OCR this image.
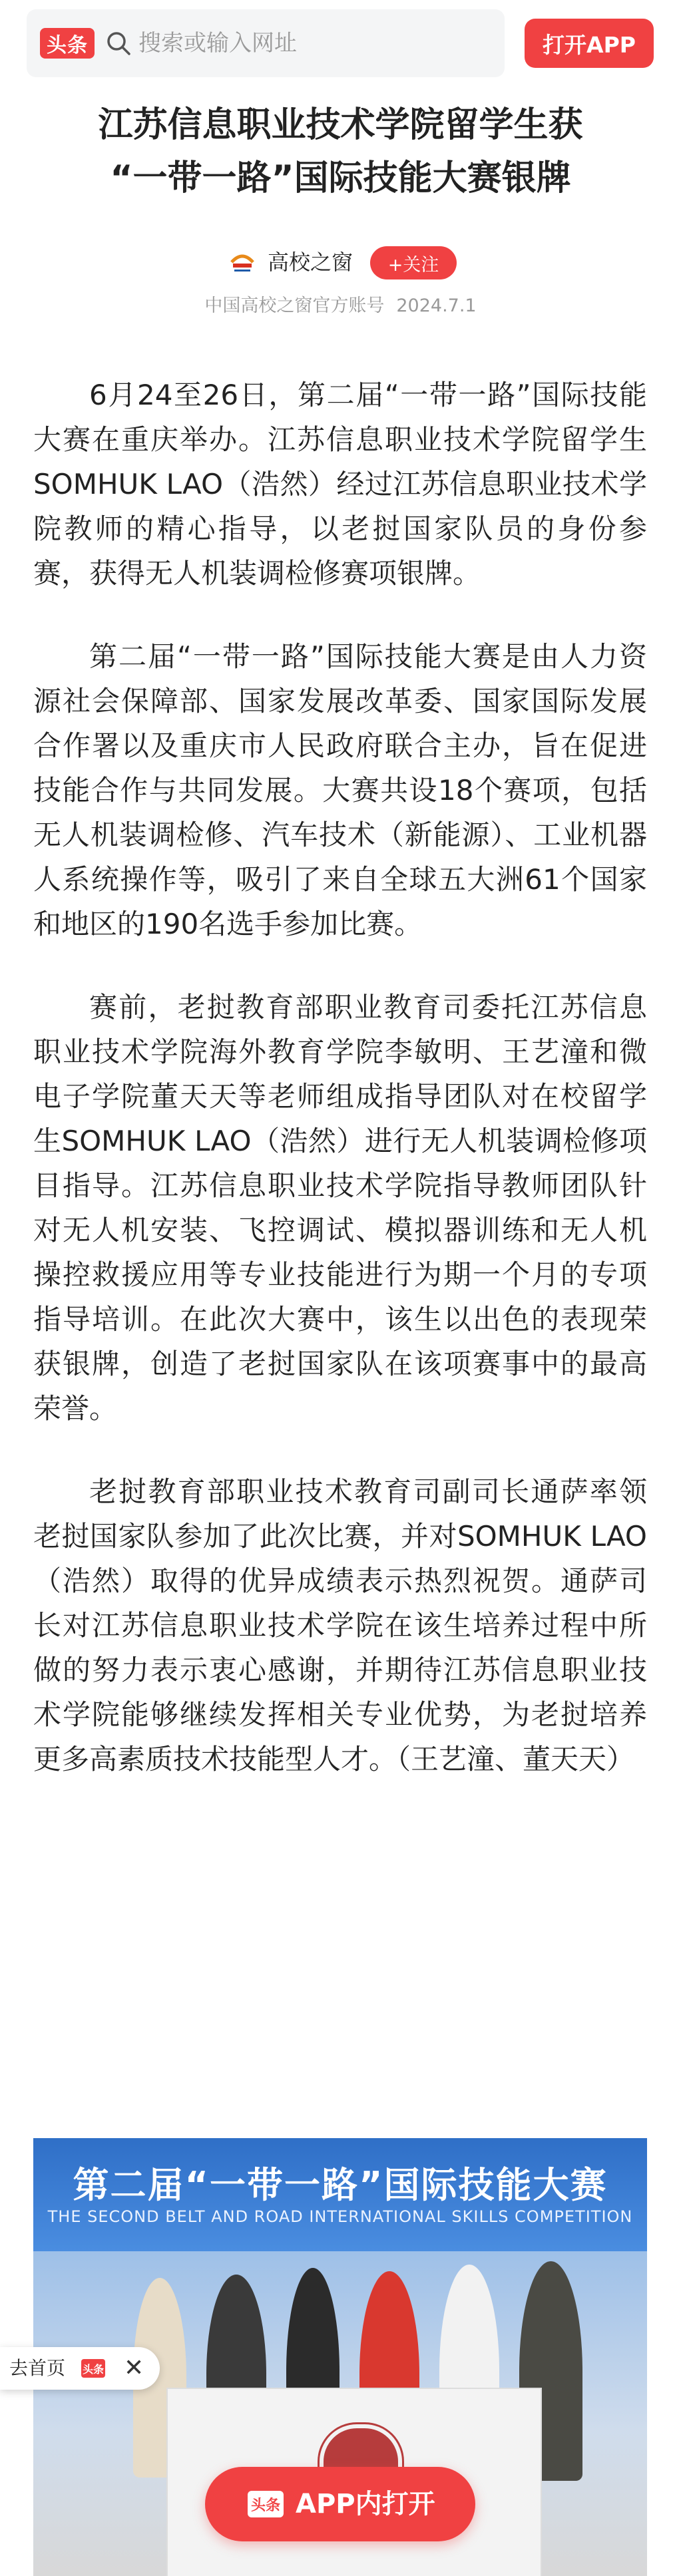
头条 搜索或输入网址	打开APP
江苏信息职业技术学院留学生获
“一带一路”国际技能大赛银牌
高校之窗	+关注
中国高校之窗官方账号 2024.7.1

6月24至26日，第二届“一带一路”国际技能大赛在重庆举办。江苏信息职业技术学院留学生SOMHUK LAO（浩然）经过江苏信息职业技术学院教师的精心指导，以老挝国家队员的身份参赛，获得无人机装调检修赛项银牌。

第二届“一带一路”国际技能大赛是由人力资源社会保障部、国家发展改革委、国家国际发展合作署以及重庆市人民政府联合主办，旨在促进技能合作与共同发展。大赛共设18个赛项，包括无人机装调检修、汽车技术（新能源）、工业机器人系统操作等，吸引了来自全球五大洲61个国家和地区的190名选手参加比赛。

赛前，老挝教育部职业教育司委托江苏信息职业技术学院海外教育学院李敏明、王艺潼和微电子学院董天天等老师组成指导团队对在校留学生SOMHUK LAO（浩然）进行无人机装调检修项目指导。江苏信息职业技术学院指导教师团队针对无人机安装、飞控调试、模拟器训练和无人机操控救援应用等专业技能进行为期一个月的专项指导培训。在此次大赛中，该生以出色的表现荣获银牌，创造了老挝国家队在该项赛事中的最高荣誉。

老挝教育部职业技术教育司副司长通萨率领老挝国家队参加了此次比赛，并对SOMHUK LAO（浩然）取得的优异成绩表示热烈祝贺。通萨司长对江苏信息职业技术学院在该生培养过程中所做的努力表示衷心感谢，并期待江苏信息职业技术学院能够继续发挥相关专业优势，为老挝培养更多高素质技术技能型人才。（王艺潼、董天天）

第二届“一带一路”国际技能大赛
THE SECOND BELT AND ROAD INTERNATIONAL SKILLS COMPETITION
去首页 头条 ✕
头条 APP内打开
